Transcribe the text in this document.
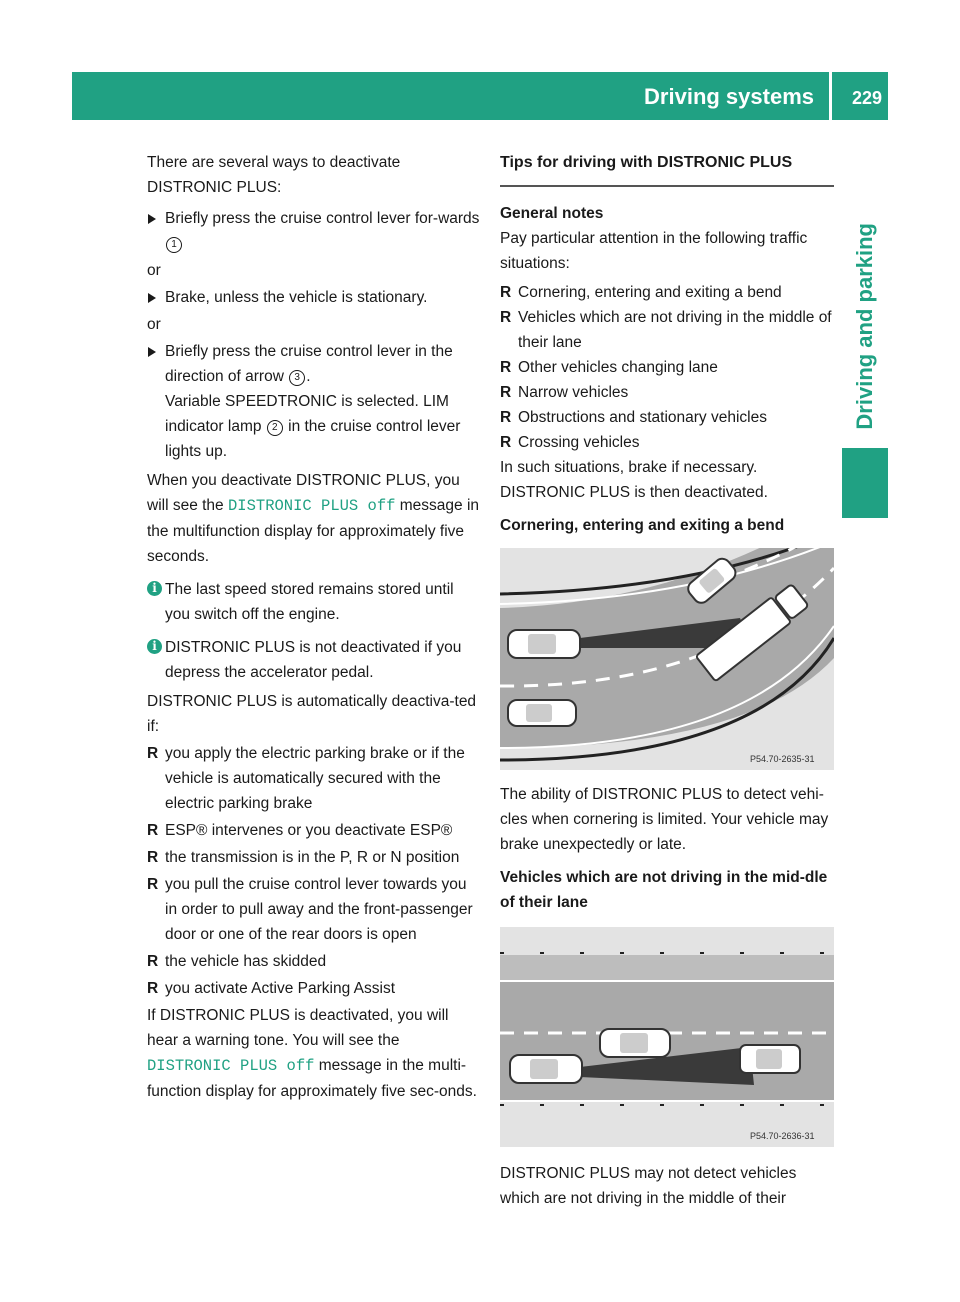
Driving systems 229
Driving and parking

There are several ways to deactivate DISTRONIC PLUS:

Briefly press the cruise control lever for-wards 1

or

Brake, unless the vehicle is stationary.

or

Briefly press the cruise control lever in the direction of arrow 3 .
Variable SPEEDTRONIC is selected. LIM indicator lamp 2 in the cruise control lever lights up.

When you deactivate DISTRONIC PLUS, you will see the DISTRONIC PLUS off message in the multifunction display for approximately five seconds.

i The last speed stored remains stored until you switch off the engine.

i DISTRONIC PLUS is not deactivated if you depress the accelerator pedal.

DISTRONIC PLUS is automatically deactiva-ted if:

R you apply the electric parking brake or if the vehicle is automatically secured with the electric parking brake

R ESP® intervenes or you deactivate ESP®

R the transmission is in the P, R or N position

R you pull the cruise control lever towards you in order to pull away and the front-passenger door or one of the rear doors is open

R the vehicle has skidded

R you activate Active Parking Assist

If DISTRONIC PLUS is deactivated, you will hear a warning tone. You will see the DISTRONIC PLUS off message in the multi-function display for approximately five sec-onds.

Tips for driving with DISTRONIC PLUS

General notes

Pay particular attention in the following traffic situations:

R Cornering, entering and exiting a bend

R Vehicles which are not driving in the middle of their lane

R Other vehicles changing lane

R Narrow vehicles

R Obstructions and stationary vehicles

R Crossing vehicles

In such situations, brake if necessary. DISTRONIC PLUS is then deactivated.

Cornering, entering and exiting a bend

P54.70-2635-31

The ability of DISTRONIC PLUS to detect vehi-cles when cornering is limited. Your vehicle may brake unexpectedly or late.

Vehicles which are not driving in the mid-dle of their lane

P54.70-2636-31

DISTRONIC PLUS may not detect vehicles which are not driving in the middle of their
